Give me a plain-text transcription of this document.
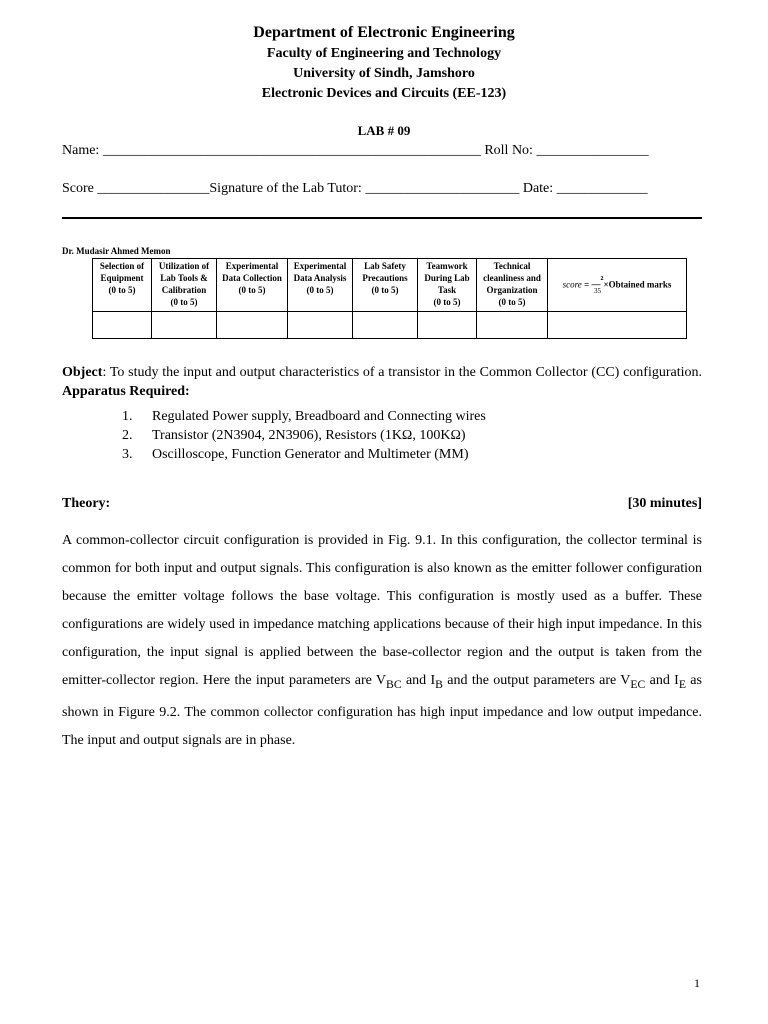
Department of Electronic Engineering
Faculty of Engineering and Technology
University of Sindh, Jamshoro
Electronic Devices and Circuits (EE-123)
LAB # 09
Name: ______________________________________________________ Roll No: ________________
Score ________________Signature of the Lab Tutor: ______________________ Date: _____________
Dr. Mudasir Ahmed Memon
Selection of
Equipment
(0 to 5)	Utilization of
Lab Tools &
Calibration
(0 to 5)	Experimental
Data Collection
(0 to 5)	Experimental
Data Analysis
(0 to 5)	Lab Safety
Precautions
(0 to 5)	Teamwork
During Lab
Task
(0 to 5)	Technical
cleanliness and
Organization
(0 to 5)	score = __$^2$
35×Obtained marks

Object: To study the input and output characteristics of a transistor in the Common Collector (CC) configuration. Apparatus Required:
1. Regulated Power supply, Breadboard and Connecting wires
2. Transistor (2N3904, 2N3906), Resistors (1KΩ, 100KΩ)
3. Oscilloscope, Function Generator and Multimeter (MM)
Theory:	[30 minutes]
A common-collector circuit configuration is provided in Fig. 9.1. In this configuration, the collector terminal is common for both input and output signals. This configuration is also known as the emitter follower configuration because the emitter voltage follows the base voltage. This configuration is mostly used as a buffer. These configurations are widely used in impedance matching applications because of their high input impedance. In this configuration, the input signal is applied between the base-collector region and the output is taken from the emitter-collector region. Here the input parameters are $V_{BC}$ and $I_B$ and the output parameters are $V_{EC}$ and $I_E$ as shown in Figure 9.2. The common collector configuration has high input impedance and low output impedance. The input and output signals are in phase.
1
